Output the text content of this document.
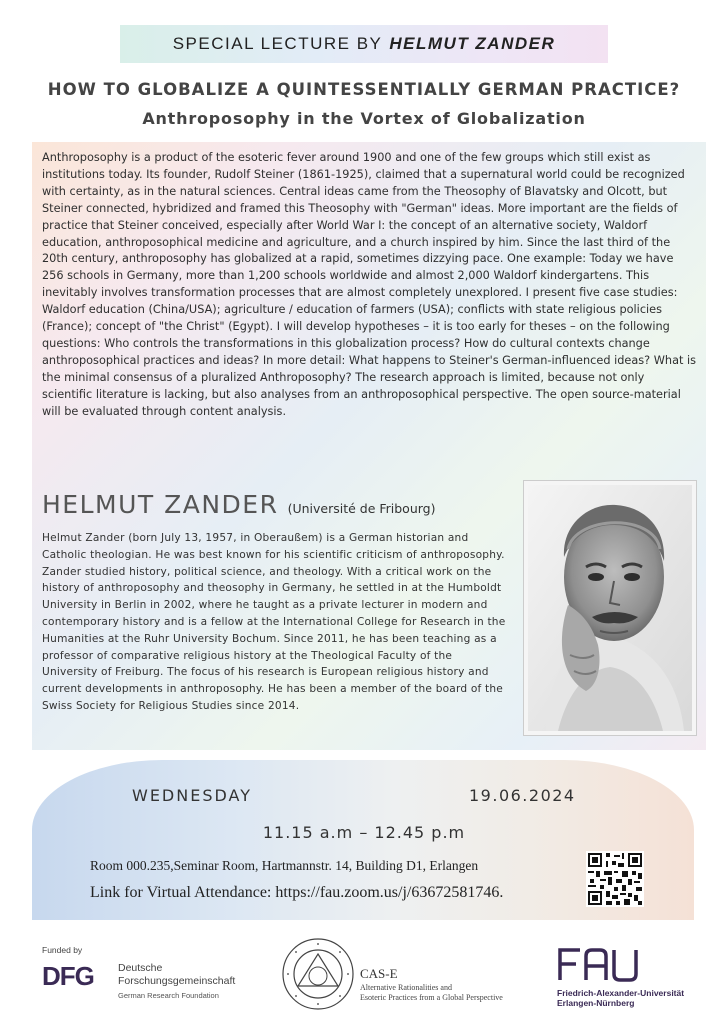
SPECIAL LECTURE BY HELMUT ZANDER
HOW TO GLOBALIZE A QUINTESSENTIALLY GERMAN PRACTICE?
Anthroposophy in the Vortex of Globalization

Anthroposophy is a product of the esoteric fever around 1900 and one of the few groups which still exist as institutions today. Its founder, Rudolf Steiner (1861-1925), claimed that a supernatural world could be recognized with certainty, as in the natural sciences. Central ideas came from the Theosophy of Blavatsky and Olcott, but Steiner connected, hybridized and framed this Theosophy with "German" ideas. More important are the fields of practice that Steiner conceived, especially after World War I: the concept of an alternative society, Waldorf education, anthroposophical medicine and agriculture, and a church inspired by him. Since the last third of the 20th century, anthroposophy has globalized at a rapid, sometimes dizzying pace. One example: Today we have 256 schools in Germany, more than 1,200 schools worldwide and almost 2,000 Waldorf kindergartens. This inevitably involves transformation processes that are almost completely unexplored. I present five case studies: Waldorf education (China/USA); agriculture / education of farmers (USA); conflicts with state religious policies (France); concept of "the Christ" (Egypt). I will develop hypotheses – it is too early for theses – on the following questions: Who controls the transformations in this globalization process? How do cultural contexts change anthroposophical practices and ideas? In more detail: What happens to Steiner's German-influenced ideas? What is the minimal consensus of a pluralized Anthroposophy? The research approach is limited, because not only scientific literature is lacking, but also analyses from an anthroposophical perspective. The open source-material will be evaluated through content analysis.

HELMUT ZANDER (Université de Fribourg)

Helmut Zander (born July 13, 1957, in Oberaußem) is a German historian and Catholic theologian. He was best known for his scientific criticism of anthroposophy. Zander studied history, political science, and theology. With a critical work on the history of anthroposophy and theosophy in Germany, he settled in at the Humboldt University in Berlin in 2002, where he taught as a private lecturer in modern and contemporary history and is a fellow at the International College for Research in the Humanities at the Ruhr University Bochum. Since 2011, he has been teaching as a professor of comparative religious history at the Theological Faculty of the University of Freiburg. The focus of his research is European religious history and current developments in anthroposophy. He has been a member of the board of the Swiss Society for Religious Studies since 2014.

WEDNESDAY	19.06.2024
11.15 a.m – 12.45 p.m
Room 000.235,Seminar Room, Hartmannstr. 14, Building D1, Erlangen
Link for Virtual Attendance: https://fau.zoom.us/j/63672581746.
Funded by
DFG Deutsche
Forschungsgemeinschaft
German Research Foundation
CAS-E
Alternative Rationalities and
Esoteric Practices from a Global Perspective	Friedrich-Alexander-Universität
Erlangen-Nürnberg
